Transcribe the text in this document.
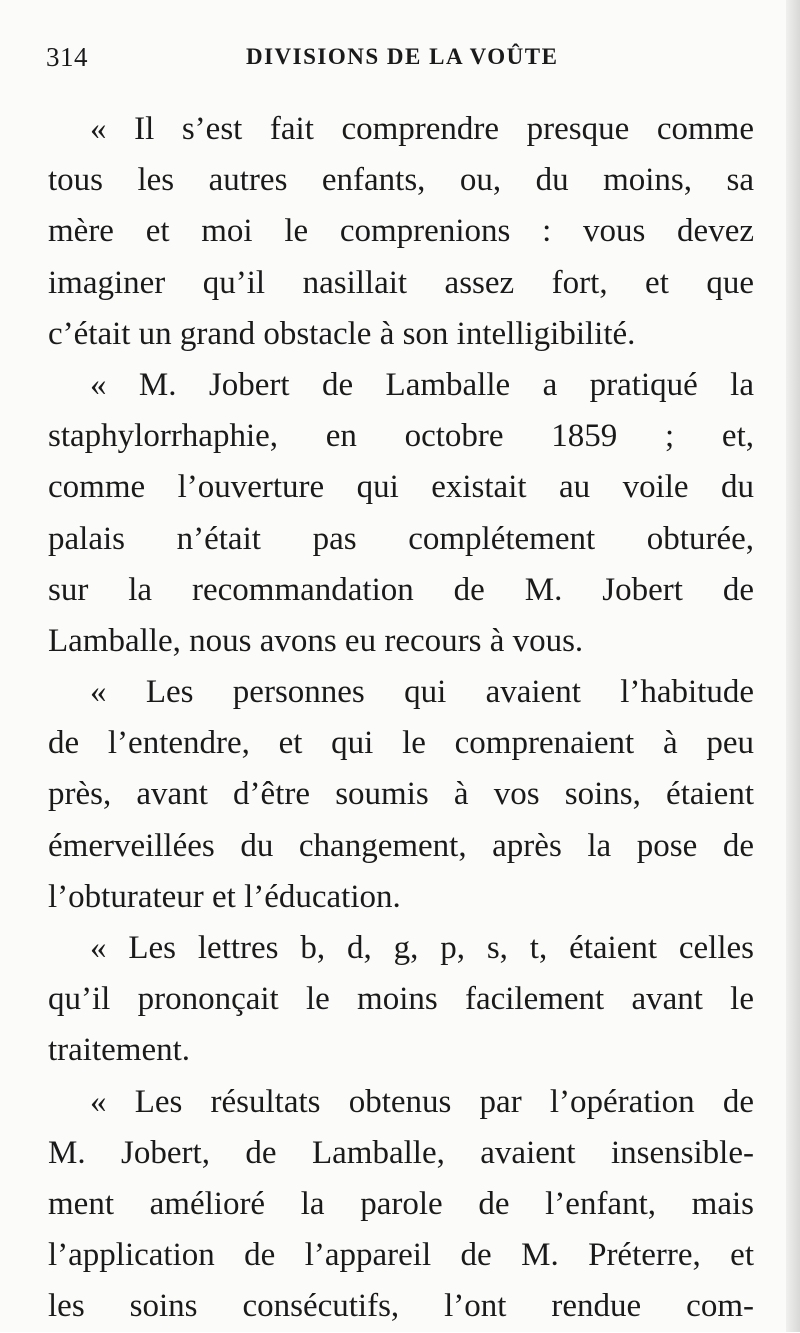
314	DIVISIONS DE LA VOÛTE
« Il s’est fait comprendre presque comme
tous les autres enfants, ou, du moins, sa
mère et moi le comprenions : vous devez
imaginer qu’il nasillait assez fort, et que
c’était un grand obstacle à son intelligibilité.
« M. Jobert de Lamballe a pratiqué la
staphylorrhaphie, en octobre 1859 ; et,
comme l’ouverture qui existait au voile du
palais n’était pas complétement obturée,
sur la recommandation de M. Jobert de
Lamballe, nous avons eu recours à vous.
« Les personnes qui avaient l’habitude
de l’entendre, et qui le comprenaient à peu
près, avant d’être soumis à vos soins, étaient
émerveillées du changement, après la pose de
l’obturateur et l’éducation.
« Les lettres b, d, g, p, s, t, étaient celles
qu’il prononçait le moins facilement avant le
traitement.
« Les résultats obtenus par l’opération de
M. Jobert, de Lamballe, avaient insensible-
ment amélioré la parole de l’enfant, mais
l’application de l’appareil de M. Préterre, et
les soins consécutifs, l’ont rendue com-
